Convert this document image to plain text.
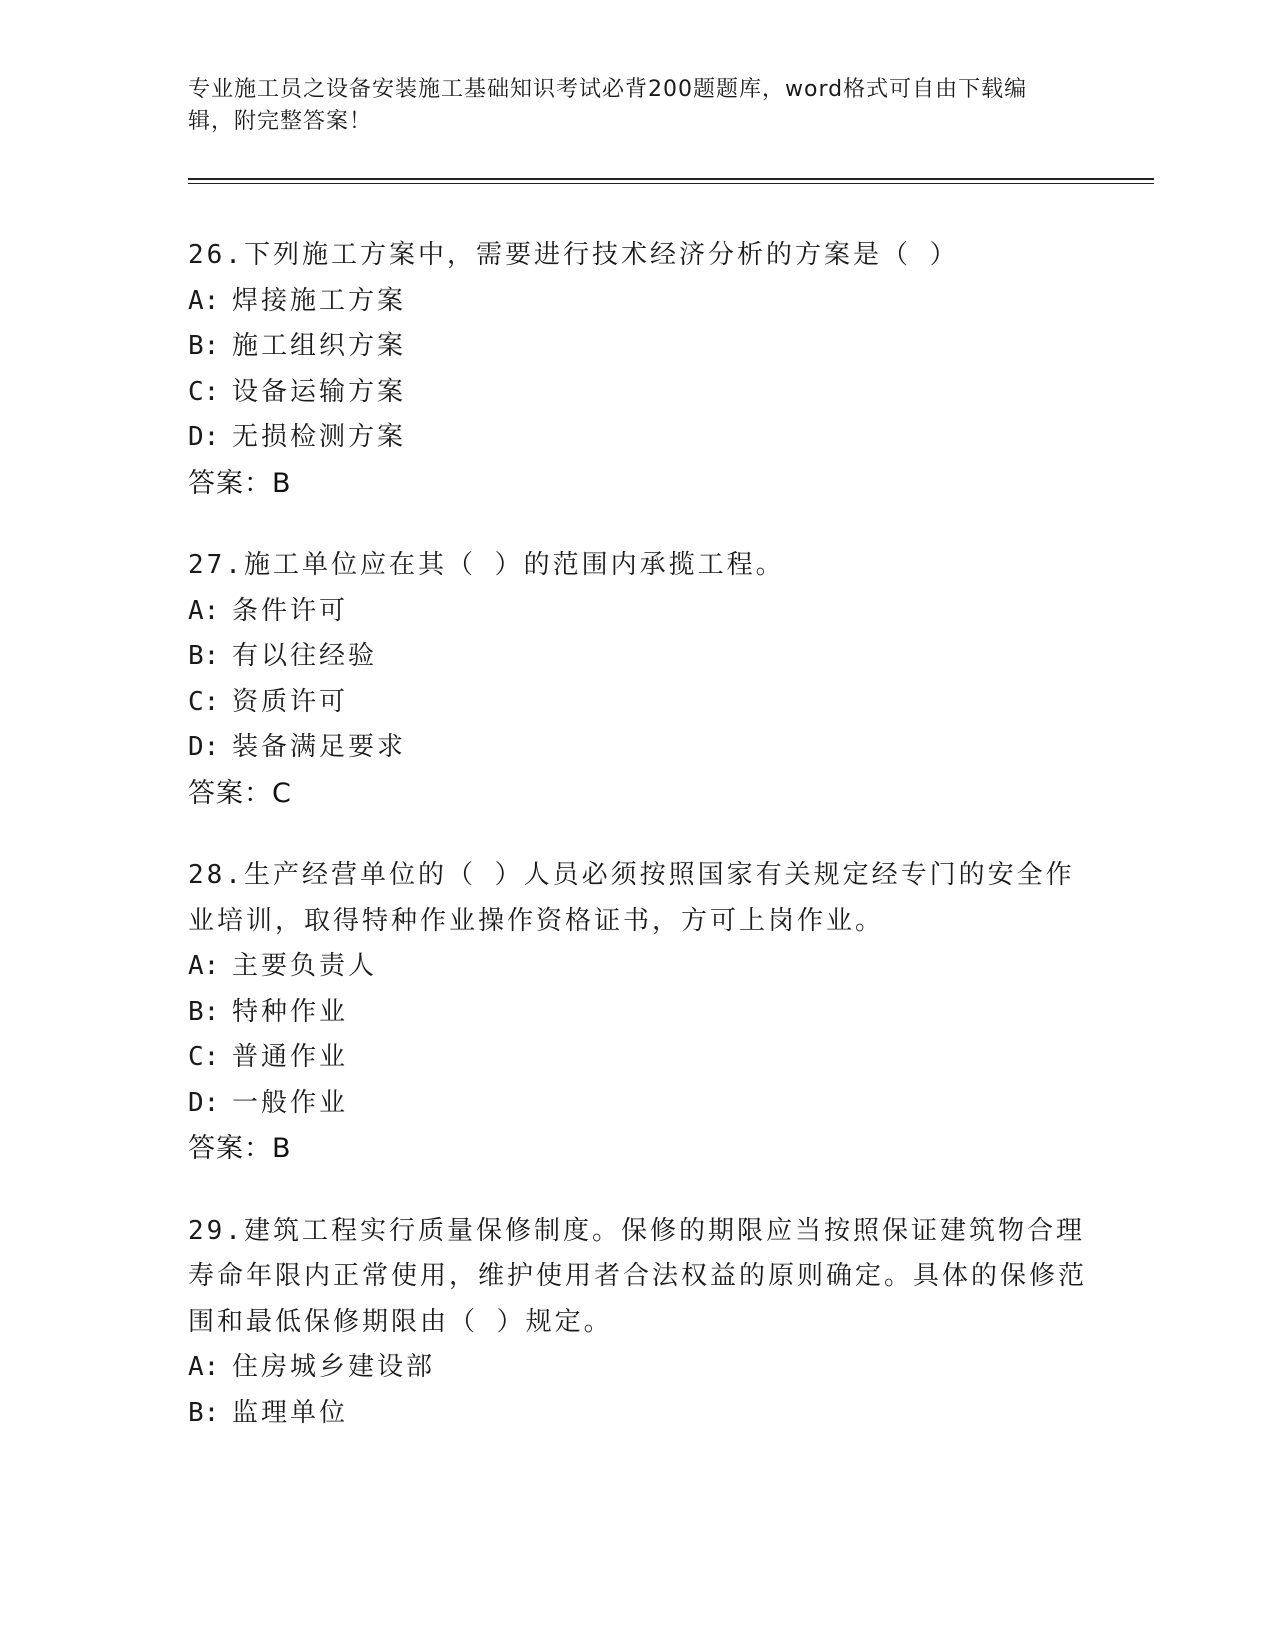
专业施工员之设备安装施工基础知识考试必背200题题库，word格式可自由下载编辑，附完整答案！
26.下列施工方案中，需要进行技术经济分析的方案是（ ）
A: 焊接施工方案
B: 施工组织方案
C: 设备运输方案
D: 无损检测方案
答案：B
27.施工单位应在其（ ）的范围内承揽工程。
A: 条件许可
B: 有以往经验
C: 资质许可
D: 装备满足要求
答案：C
28.生产经营单位的（ ）人员必须按照国家有关规定经专门的安全作业培训，取得特种作业操作资格证书，方可上岗作业。
A: 主要负责人
B: 特种作业
C: 普通作业
D: 一般作业
答案：B
29.建筑工程实行质量保修制度。保修的期限应当按照保证建筑物合理寿命年限内正常使用，维护使用者合法权益的原则确定。具体的保修范围和最低保修期限由（ ）规定。
A: 住房城乡建设部
B: 监理单位
